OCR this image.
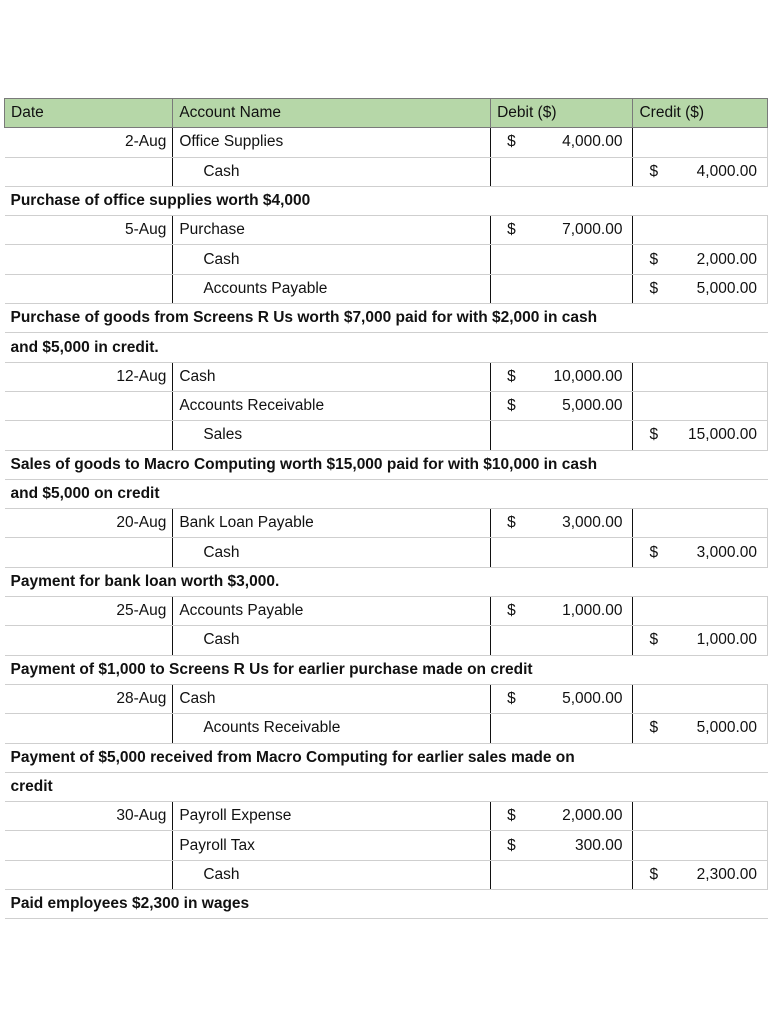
Date	Account Name	Debit ($)	Credit ($)
2-Aug	Office Supplies	$ 4,000.00	

	Cash		$ 4,000.00

Purchase of office supplies worth $4,000			
5-Aug	Purchase	$ 7,000.00	

	Cash		$ 2,000.00

	Accounts Payable		$ 5,000.00

Purchase of goods from Screens R Us worth $7,000 paid for with $2,000 in cash			
and $5,000 in credit.			
12-Aug	Cash	$ 10,000.00	

	Accounts Receivable	$ 5,000.00	

	Sales		$ 15,000.00

Sales of goods to Macro Computing worth $15,000 paid for with $10,000 in cash			
and $5,000 on credit			
20-Aug	Bank Loan Payable	$ 3,000.00	

	Cash		$ 3,000.00

Payment for bank loan worth $3,000.			
25-Aug	Accounts Payable	$ 1,000.00	

	Cash		$ 1,000.00

Payment of $1,000 to Screens R Us for earlier purchase made on credit			
28-Aug	Cash	$ 5,000.00	

	Acounts Receivable		$ 5,000.00

Payment of $5,000 received from Macro Computing for earlier sales made on			
credit			
30-Aug	Payroll Expense	$ 2,000.00	

	Payroll Tax	$ 300.00	

	Cash		$ 2,300.00

Paid employees $2,300 in wages			
